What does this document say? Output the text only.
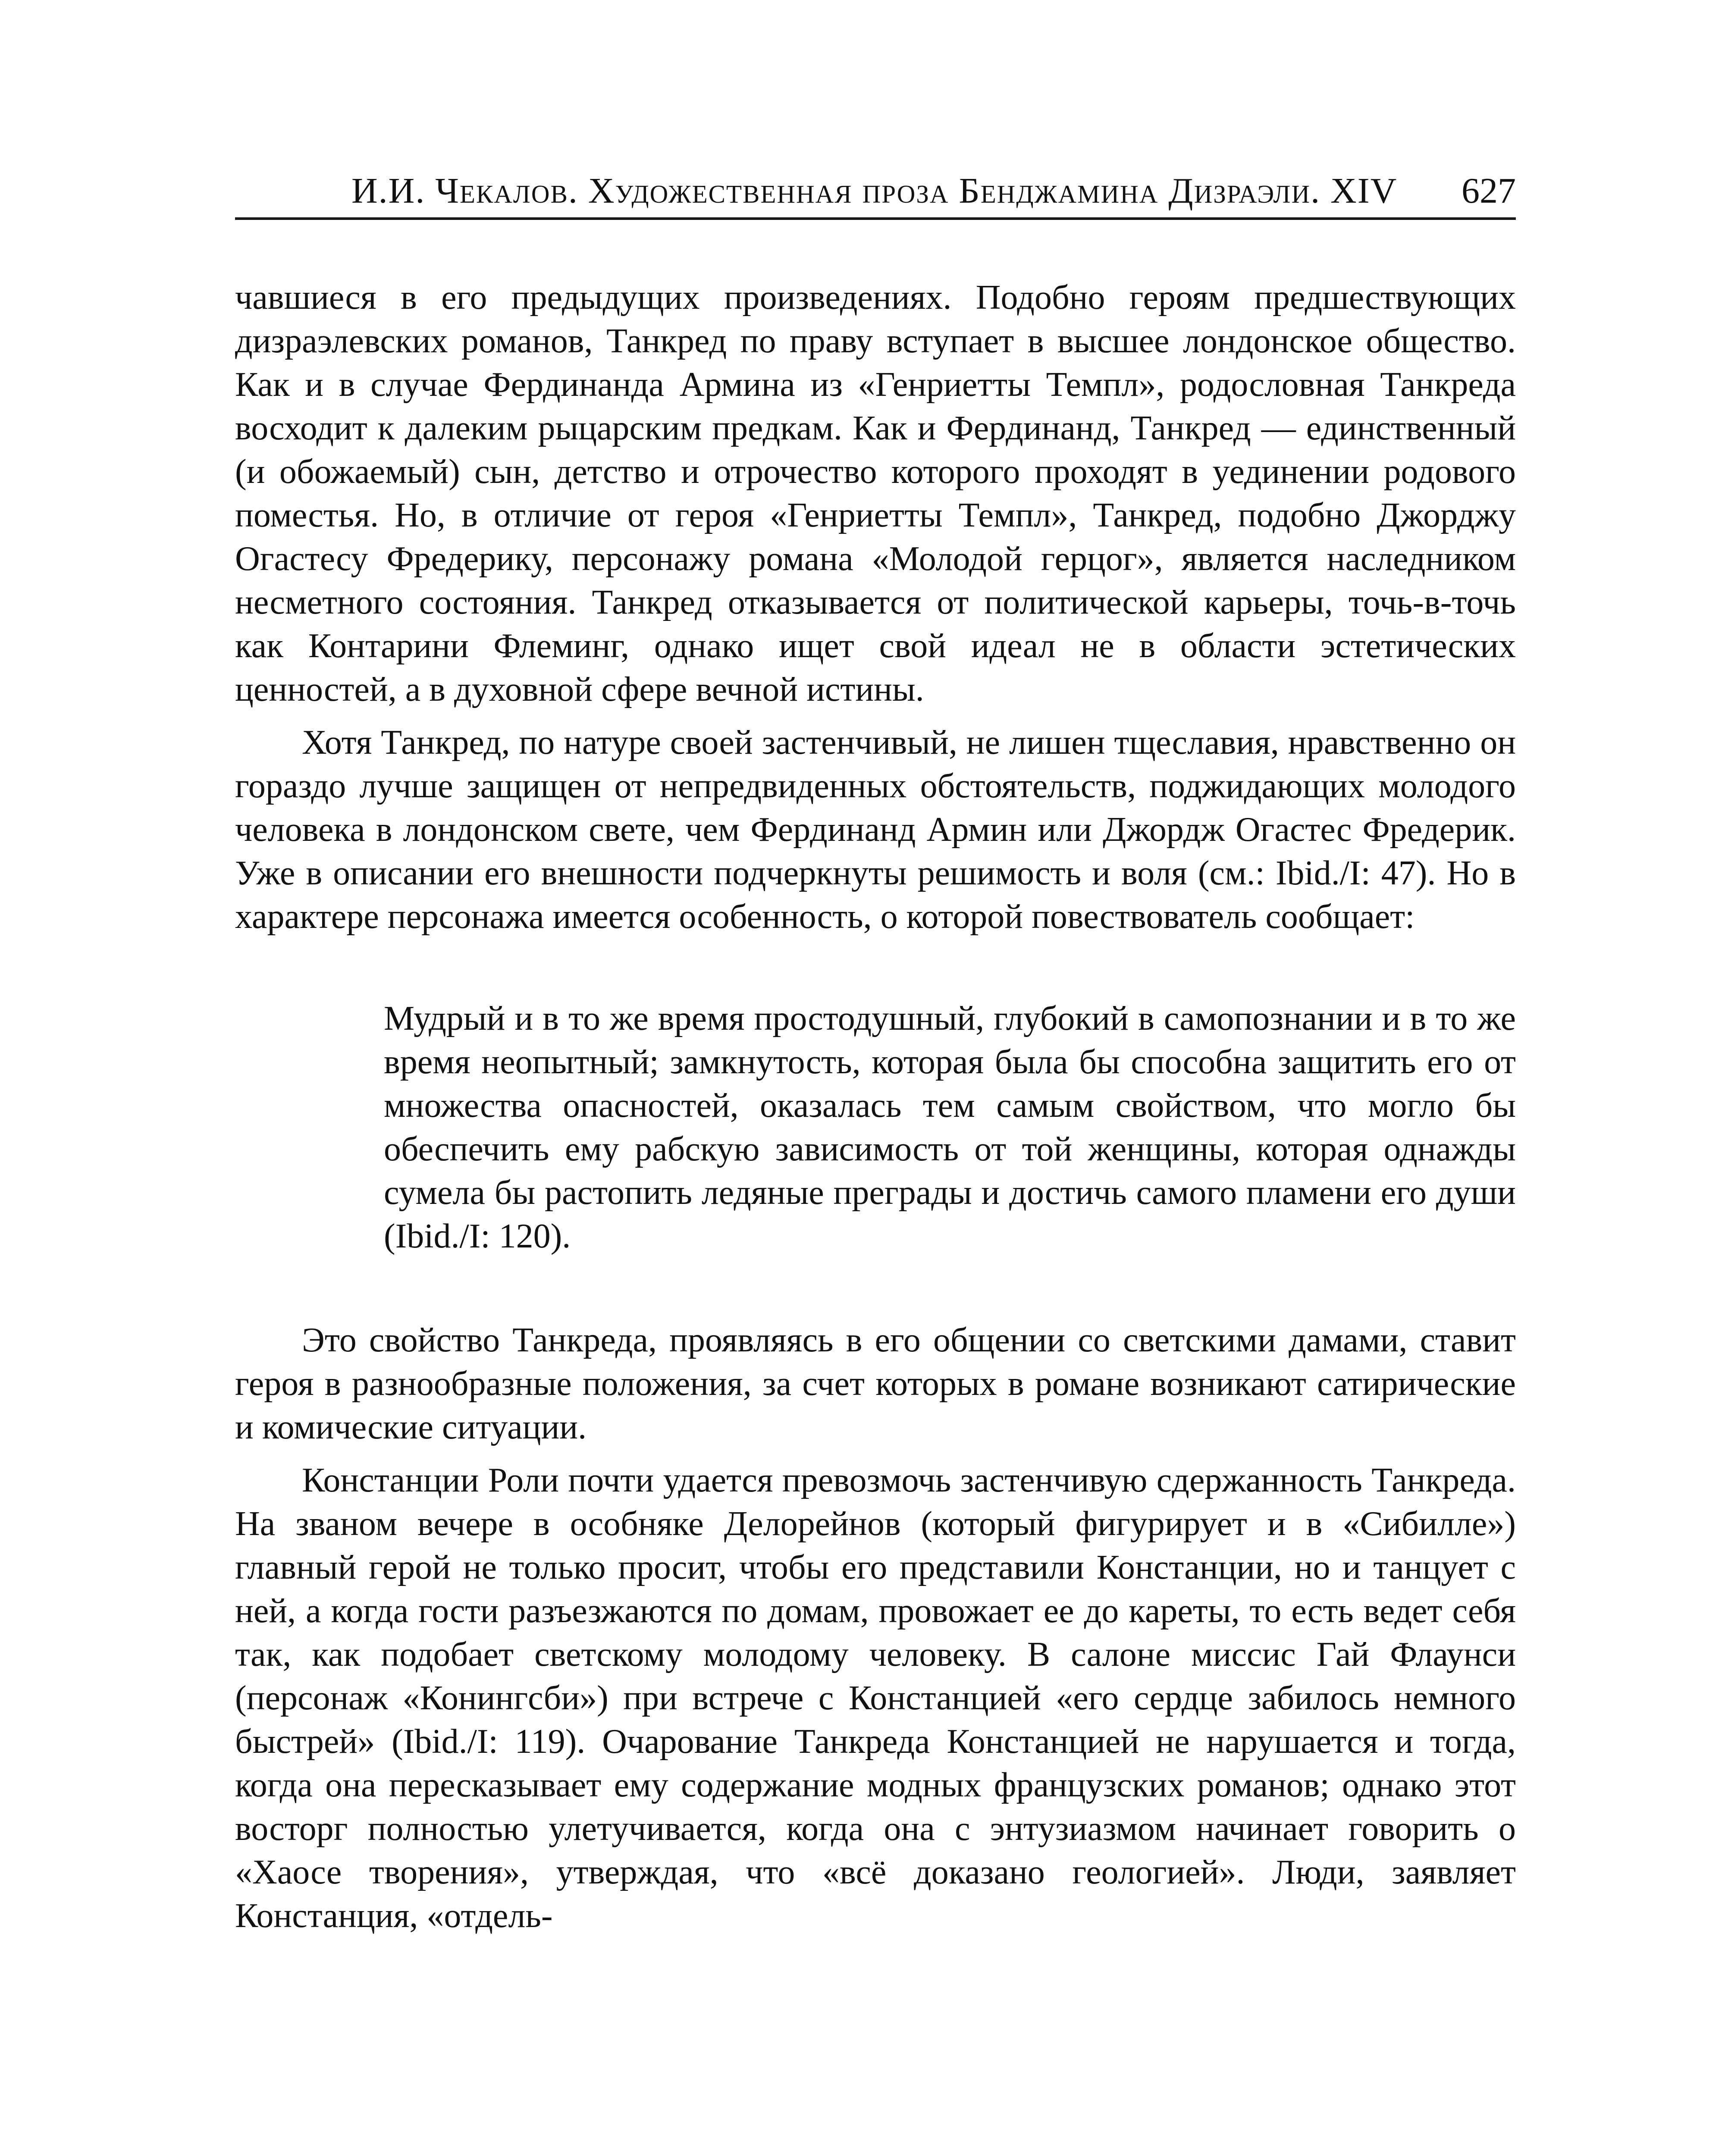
И.И. Чекалов. Художественная проза Бенджамина Дизраэли. XIV 627

чавшиеся в его предыдущих произведениях. Подобно героям предшествующих дизраэлевских романов, Танкред по праву вступает в высшее лондонское общество. Как и в случае Фердинанда Армина из «Генриетты Темпл», родословная Танкреда восходит к далеким рыцарским предкам. Как и Фердинанд, Танкред — единственный (и обожаемый) сын, детство и отрочество которого проходят в уединении родового поместья. Но, в отличие от героя «Генриетты Темпл», Танкред, подобно Джорджу Огастесу Фредерику, персонажу романа «Молодой герцог», является наследником несметного состояния. Танкред отказывается от политической карьеры, точь-в-точь как Контарини Флеминг, однако ищет свой идеал не в области эстетических ценностей, а в духовной сфере вечной истины.

Хотя Танкред, по натуре своей застенчивый, не лишен тщеславия, нравственно он гораздо лучше защищен от непредвиденных обстоятельств, поджидающих молодого человека в лондонском свете, чем Фердинанд Армин или Джордж Огастес Фредерик. Уже в описании его внешности подчеркнуты решимость и воля (см.: Ibid./I: 47). Но в характере персонажа имеется особенность, о которой повествователь сообщает:

Мудрый и в то же время простодушный, глубокий в самопознании и в то же время неопытный; замкнутость, которая была бы способна защитить его от множества опасностей, оказалась тем самым свойством, что могло бы обеспечить ему рабскую зависимость от той женщины, которая однажды сумела бы растопить ледяные преграды и достичь самого пламени его души (Ibid./I: 120).

Это свойство Танкреда, проявляясь в его общении со светскими дамами, ставит героя в разнообразные положения, за счет которых в романе возникают сатирические и комические ситуации.

Констанции Роли почти удается превозмочь застенчивую сдержанность Танкреда. На званом вечере в особняке Делорейнов (который фигурирует и в «Сибилле») главный герой не только просит, чтобы его представили Констанции, но и танцует с ней, а когда гости разъезжаются по домам, провожает ее до кареты, то есть ведет себя так, как подобает светскому молодому человеку. В салоне миссис Гай Флаунси (персонаж «Конингсби») при встрече с Констанцией «его сердце забилось немного быстрей» (Ibid./I: 119). Очарование Танкреда Констанцией не нарушается и тогда, когда она пересказывает ему содержание модных французских романов; однако этот восторг полностью улетучивается, когда она с энтузиазмом начинает говорить о «Хаосе творения», утверждая, что «всё доказано геологией». Люди, заявляет Констанция, «отдель-
